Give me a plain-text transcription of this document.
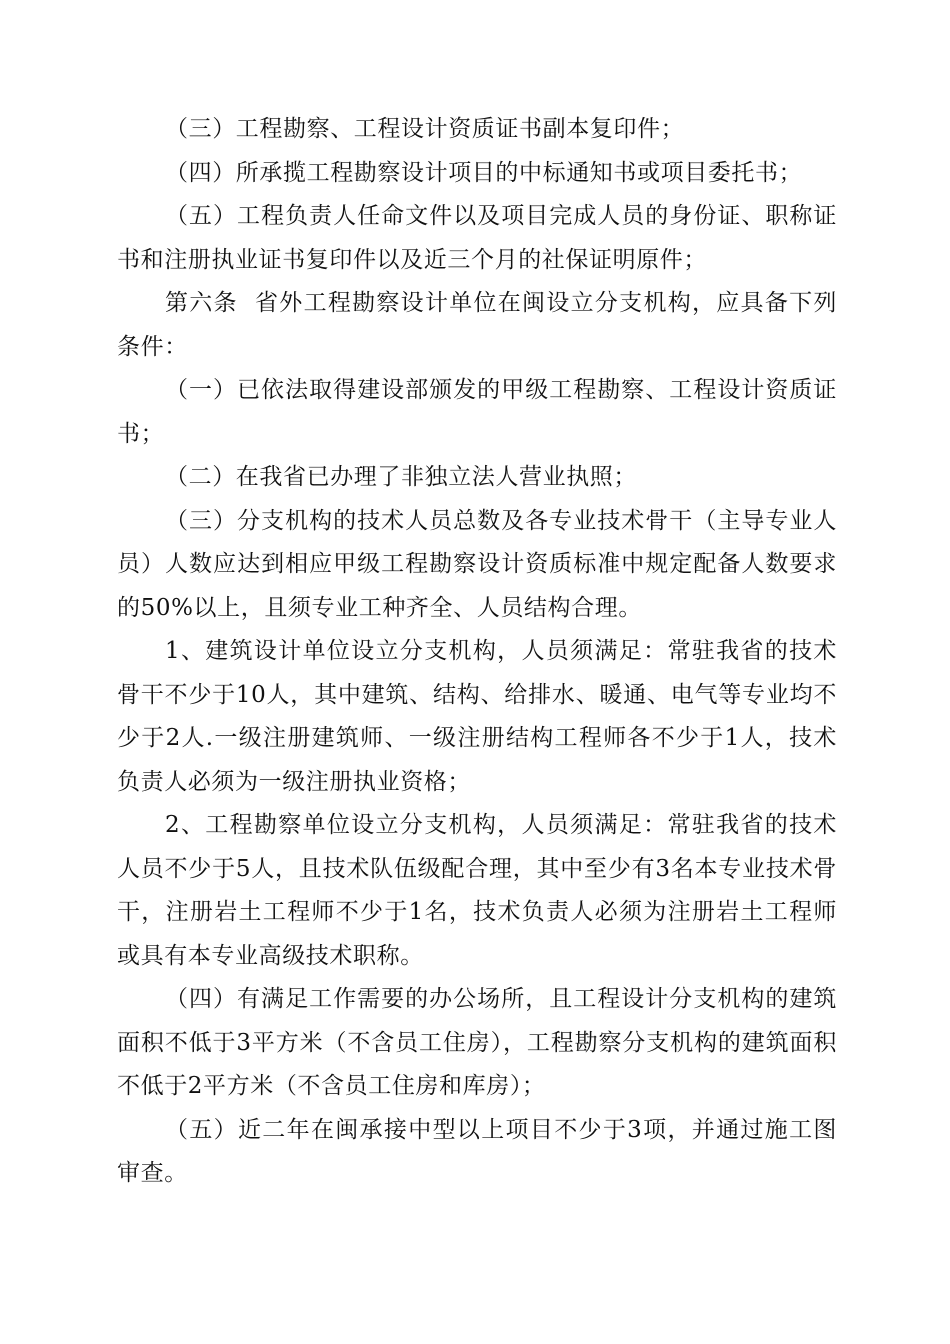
（三）工程勘察、工程设计资质证书副本复印件；

（四）所承揽工程勘察设计项目的中标通知书或项目委托书；

（五）工程负责人任命文件以及项目完成人员的身份证、职称证书和注册执业证书复印件以及近三个月的社保证明原件；

第六条  省外工程勘察设计单位在闽设立分支机构，应具备下列条件：

（一）已依法取得建设部颁发的甲级工程勘察、工程设计资质证书；

（二）在我省已办理了非独立法人营业执照；

（三）分支机构的技术人员总数及各专业技术骨干（主导专业人员）人数应达到相应甲级工程勘察设计资质标准中规定配备人数要求的50%以上，且须专业工种齐全、人员结构合理。

1、建筑设计单位设立分支机构，人员须满足：常驻我省的技术骨干不少于10人，其中建筑、结构、给排水、暖通、电气等专业均不少于2人.一级注册建筑师、一级注册结构工程师各不少于1人，技术负责人必须为一级注册执业资格；

2、工程勘察单位设立分支机构，人员须满足：常驻我省的技术人员不少于5人，且技术队伍级配合理，其中至少有3名本专业技术骨干，注册岩土工程师不少于1名，技术负责人必须为注册岩土工程师或具有本专业高级技术职称。

（四）有满足工作需要的办公场所，且工程设计分支机构的建筑面积不低于3平方米（不含员工住房），工程勘察分支机构的建筑面积不低于2平方米（不含员工住房和库房）；

（五）近二年在闽承接中型以上项目不少于3项，并通过施工图审查。
